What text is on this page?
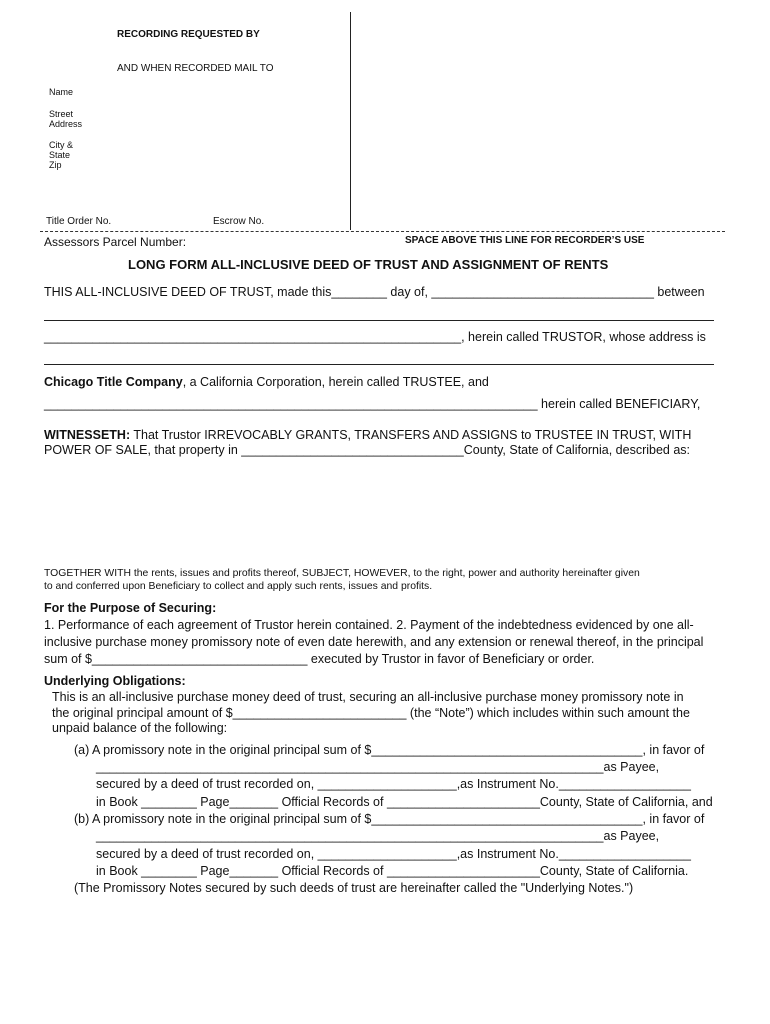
RECORDING REQUESTED BY
AND WHEN RECORDED MAIL TO
Name
Street
Address
City &
State
Zip
Title Order No.	Escrow No.
Assessors Parcel Number:	SPACE ABOVE THIS LINE FOR RECORDER’S USE
LONG FORM ALL-INCLUSIVE DEED OF TRUST AND ASSIGNMENT OF RENTS
THIS ALL-INCLUSIVE DEED OF TRUST, made this________ day of, ________________________________ between
____________________________________________________________, herein called TRUSTOR, whose address is
Chicago Title Company, a California Corporation, herein called TRUSTEE, and
_______________________________________________________________________ herein called BENEFICIARY,
WITNESSETH: That Trustor IRREVOCABLY GRANTS, TRANSFERS AND ASSIGNS to TRUSTEE IN TRUST, WITH
POWER OF SALE, that property in ________________________________County, State of California, described as:
TOGETHER WITH the rents, issues and profits thereof, SUBJECT, HOWEVER, to the right, power and authority hereinafter given
to and conferred upon Beneficiary to collect and apply such rents, issues and profits.
For the Purpose of Securing:
1. Performance of each agreement of Trustor herein contained. 2. Payment of the indebtedness evidenced by one all-
inclusive purchase money promissory note of even date herewith, and any extension or renewal thereof, in the principal
sum of $_______________________________ executed by Trustor in favor of Beneficiary or order.
Underlying Obligations:
This is an all-inclusive purchase money deed of trust, securing an all-inclusive purchase money promissory note in
the original principal amount of $_________________________ (the “Note”) which includes within such amount the
unpaid balance of the following:
(a) A promissory note in the original principal sum of $_______________________________________, in favor of
_________________________________________________________________________as Payee,
secured by a deed of trust recorded on, ____________________,as Instrument No.___________________
in Book ________ Page_______ Official Records of ______________________County, State of California, and
(b) A promissory note in the original principal sum of $_______________________________________, in favor of
_________________________________________________________________________as Payee,
secured by a deed of trust recorded on, ____________________,as Instrument No.___________________
in Book ________ Page_______ Official Records of ______________________County, State of California.
(The Promissory Notes secured by such deeds of trust are hereinafter called the "Underlying Notes.")
